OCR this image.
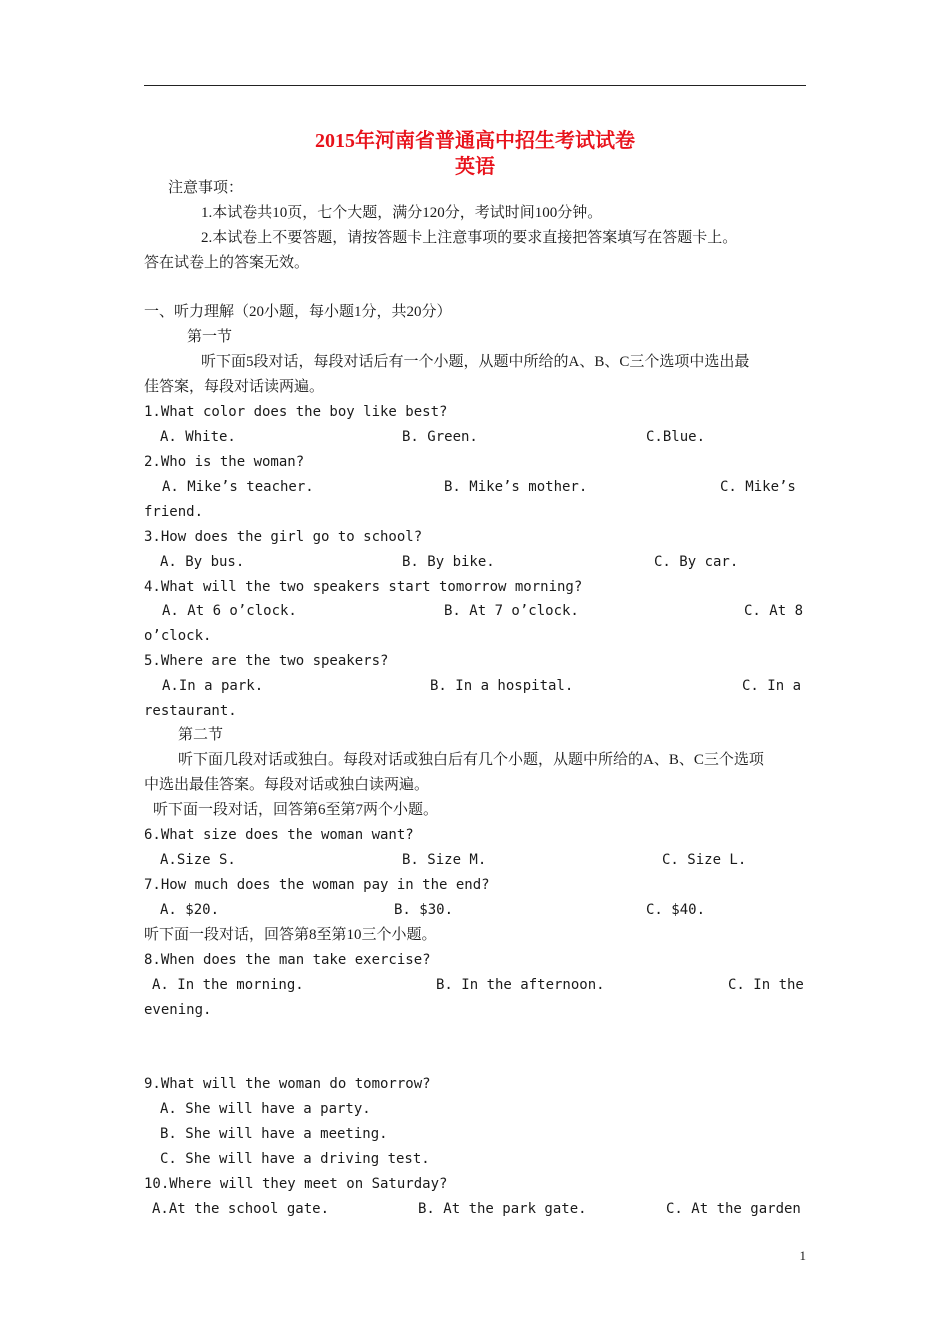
2015年河南省普通高中招生考试试卷
英语
注意事项：
1.本试卷共10页，七个大题，满分120分，考试时间100分钟。
2.本试卷上不要答题，请按答题卡上注意事项的要求直接把答案填写在答题卡上。
答在试卷上的答案无效。
一、听力理解（20小题，每小题1分，共20分）
第一节
听下面5段对话，每段对话后有一个小题，从题中所给的A、B、C三个选项中选出最
佳答案，每段对话读两遍。
1.What color does the boy like best?
A. White.	B. Green.	C.Blue.
2.Who is the woman?
A. Mike’s teacher.	B. Mike’s mother.	C. Mike’s
friend.
3.How does the girl go to school?
A. By bus.	B. By bike.	C. By car.
4.What will the two speakers start tomorrow morning?
A. At 6 o’clock.	B. At 7 o’clock.	C. At 8
o’clock.
5.Where are the two speakers?
A.In a park.	B. In a hospital.	C. In a
restaurant.
第二节
听下面几段对话或独白。每段对话或独白后有几个小题，从题中所给的A、B、C三个选项
中选出最佳答案。每段对话或独白读两遍。
听下面一段对话，回答第6至第7两个小题。
6.What size does the woman want?
A.Size S.	B. Size M.	C. Size L.
7.How much does the woman pay in the end?
A. $20.	B. $30.	C. $40.
听下面一段对话，回答第8至第10三个小题。
8.When does the man take exercise?
A. In the morning.	B. In the afternoon.	C. In the
evening.
9.What will the woman do tomorrow?
A. She will have a party.
B. She will have a meeting.
C. She will have a driving test.
10.Where will they meet on Saturday?
A.At the school gate.	B. At the park gate.	C. At the garden
1
